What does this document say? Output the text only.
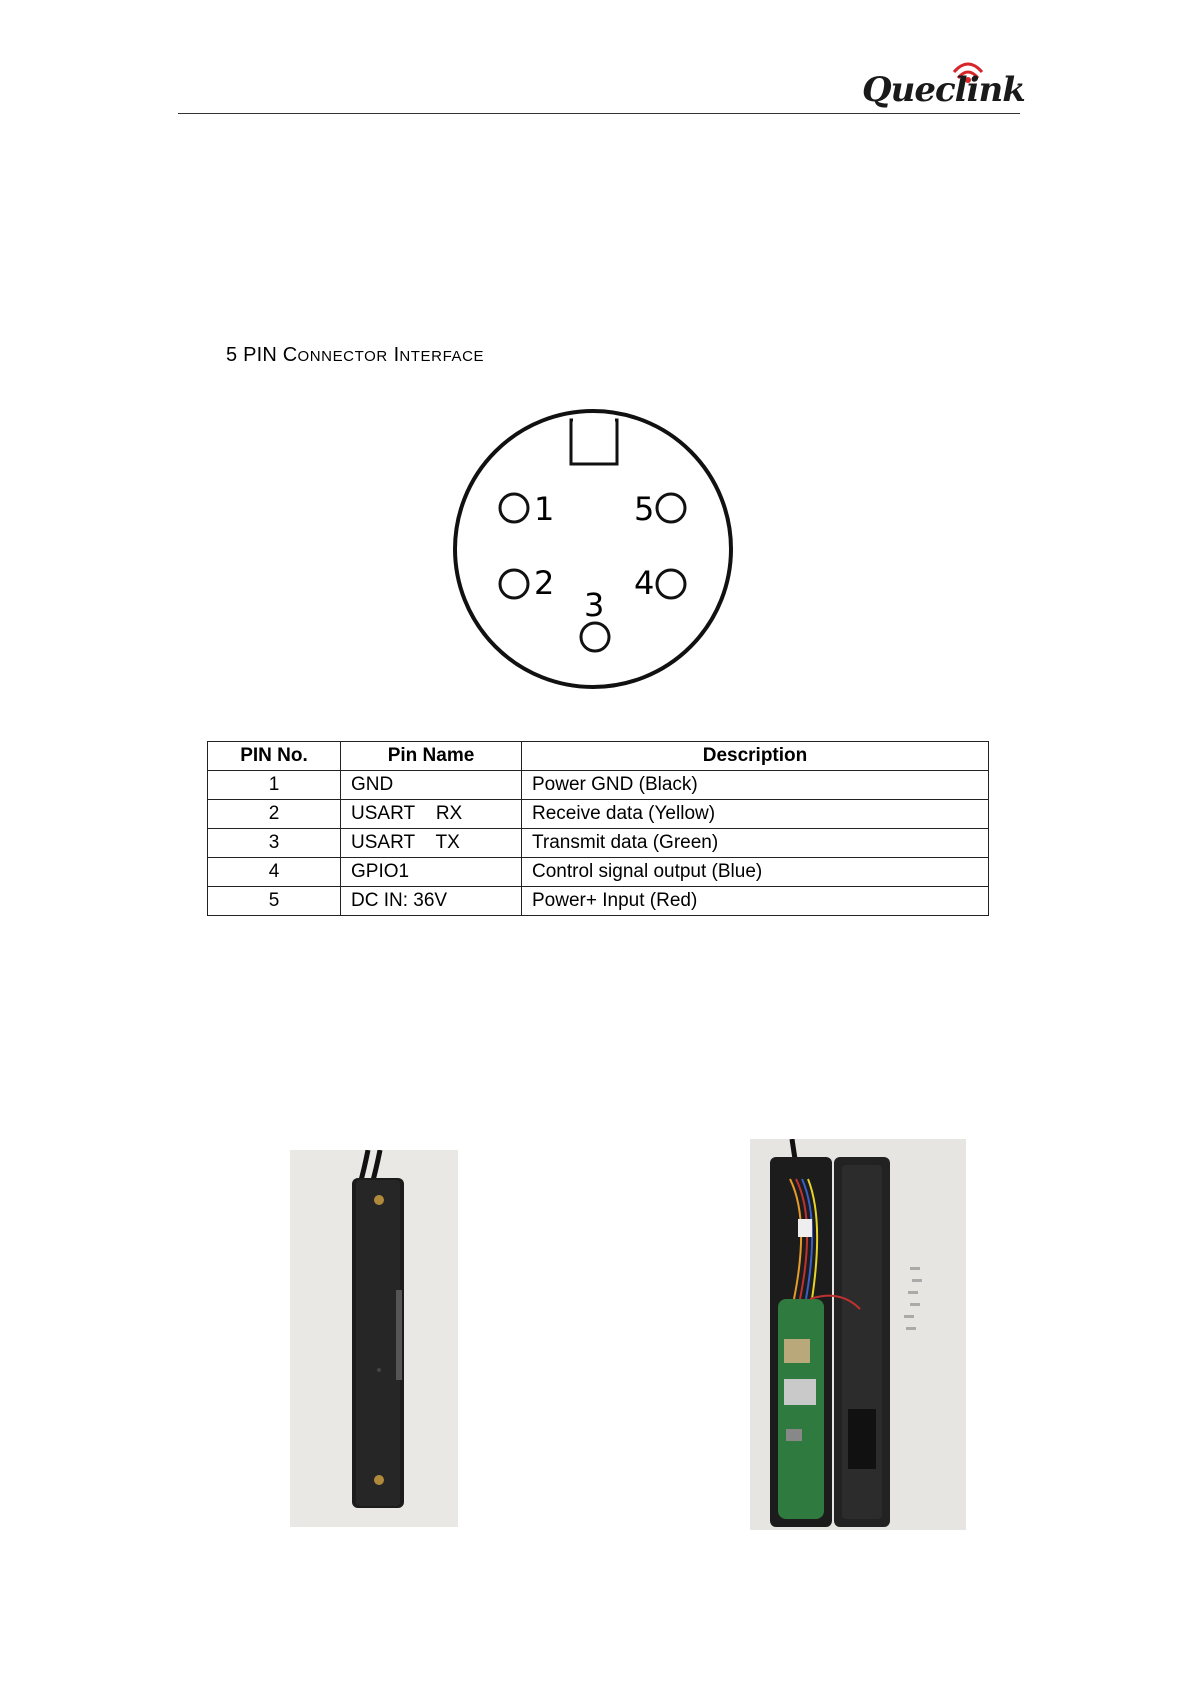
Queclink
5 PIN CONNECTOR INTERFACE
1
2
3
4
5
PIN No.	Pin Name	Description
1	GND	Power GND (Black)
2	USART    RX	Receive data (Yellow)
3	USART    TX	Transmit data (Green)
4	GPIO1	Control signal output (Blue)
5	DC IN: 36V	Power+ Input (Red)
